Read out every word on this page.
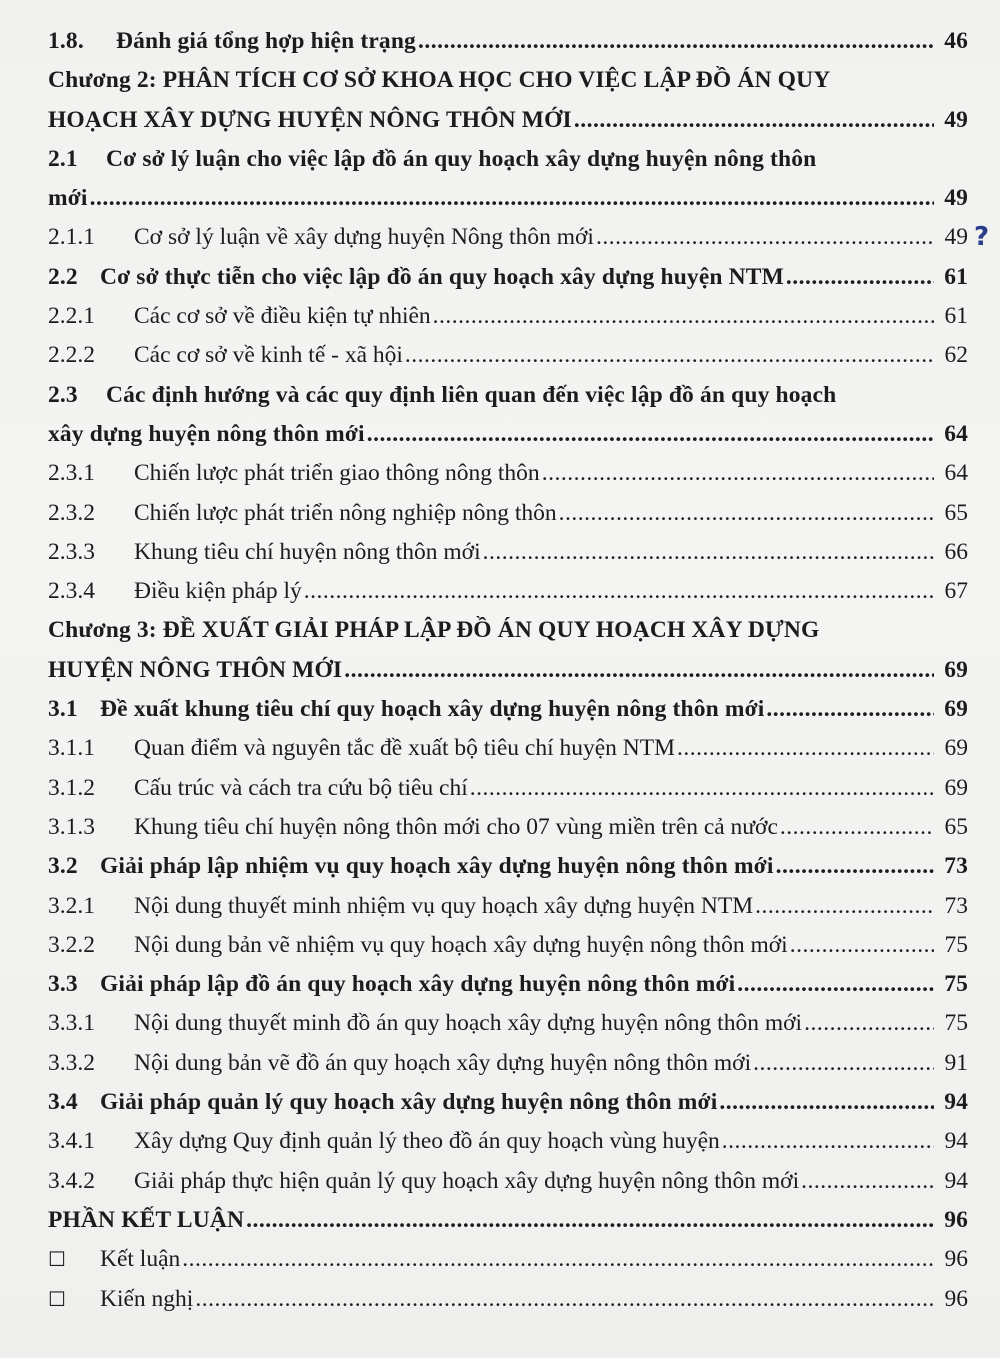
1.8.	Đánh giá tổng hợp hiện trạng .....	46
Chương 2: PHÂN TÍCH CƠ SỞ KHOA HỌC CHO VIỆC LẬP ĐỒ ÁN QUY
HOẠCH XÂY DỰNG HUYỆN NÔNG THÔN MỚI .....	49
2.1 Cơ sở lý luận cho việc lập đồ án quy hoạch xây dựng huyện nông thôn
mới .....	49
2.1.1	Cơ sở lý luận về xây dựng huyện Nông thôn mới .....	49
2.2 Cơ sở thực tiễn cho việc lập đồ án quy hoạch xây dựng huyện NTM .....	61
2.2.1	Các cơ sở về điều kiện tự nhiên .....	61
2.2.2	Các cơ sở về kinh tế - xã hội .....	62
2.3 Các định hướng và các quy định liên quan đến việc lập đồ án quy hoạch
xây dựng huyện nông thôn mới .....	64
2.3.1	Chiến lược phát triển giao thông nông thôn .....	64
2.3.2	Chiến lược phát triển nông nghiệp nông thôn .....	65
2.3.3	Khung tiêu chí huyện nông thôn mới .....	66
2.3.4	Điều kiện pháp lý .....	67
Chương 3: ĐỀ XUẤT GIẢI PHÁP LẬP ĐỒ ÁN QUY HOẠCH XÂY DỰNG
HUYỆN NÔNG THÔN MỚI .....	69
3.1 Đề xuất khung tiêu chí quy hoạch xây dựng huyện nông thôn mới .....	69
3.1.1	Quan điểm và nguyên tắc đề xuất bộ tiêu chí huyện NTM .....	69
3.1.2	Cấu trúc và cách tra cứu bộ tiêu chí .....	69
3.1.3	Khung tiêu chí huyện nông thôn mới cho 07 vùng miền trên cả nước .....	65
3.2 Giải pháp lập nhiệm vụ quy hoạch xây dựng huyện nông thôn mới .....	73
3.2.1	Nội dung thuyết minh nhiệm vụ quy hoạch xây dựng huyện NTM .....	73
3.2.2	Nội dung bản vẽ nhiệm vụ quy hoạch xây dựng huyện nông thôn mới .....	75
3.3 Giải pháp lập đồ án quy hoạch xây dựng huyện nông thôn mới .....	75
3.3.1	Nội dung thuyết minh đồ án quy hoạch xây dựng huyện nông thôn mới .....	75
3.3.2	Nội dung bản vẽ đồ án quy hoạch xây dựng huyện nông thôn mới .....	91
3.4 Giải pháp quản lý quy hoạch xây dựng huyện nông thôn mới .....	94
3.4.1	Xây dựng Quy định quản lý theo đồ án quy hoạch vùng huyện .....	94
3.4.2	Giải pháp thực hiện quản lý quy hoạch xây dựng huyện nông thôn mới .....	94
PHẦN KẾT LUẬN .....	96
☐	Kết luận .....	96
☐	Kiến nghị .....	96
?
